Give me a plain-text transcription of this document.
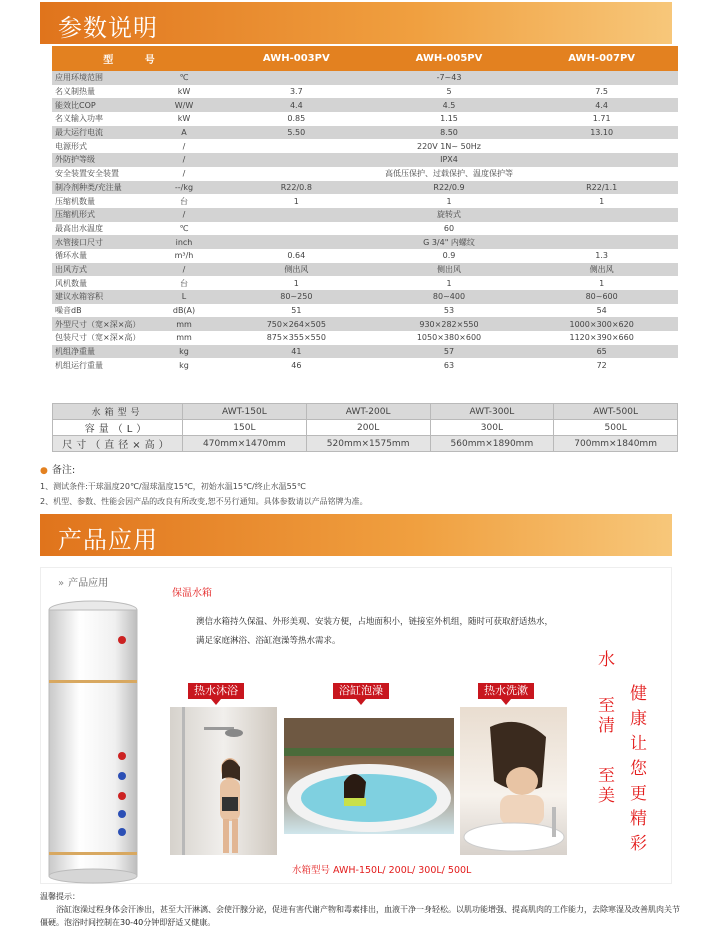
参数说明
型 号		AWH-003PV	AWH-005PV	AWH-007PV
应用环境范围	℃	-7~43		
名义制热量	kW	3.7	5	7.5
能效比COP	W/W	4.4	4.5	4.4
名义输入功率	kW	0.85	1.15	1.71
最大运行电流	A	5.50	8.50	13.10
电源形式	/	220V 1N~ 50Hz		
外防护等级	/	IPX4		
安全装置安全装置	/	高低压保护、过载保护、温度保护等		
制冷剂种类/充注量	--/kg	R22/0.8	R22/0.9	R22/1.1
压缩机数量	台	1	1	1
压缩机形式	/	旋转式		
最高出水温度	℃	60		
水管接口尺寸	inch	G 3/4" 内螺纹		
循环水量	m³/h	0.64	0.9	1.3
出风方式	/	侧出风	侧出风	侧出风
风机数量	台	1	1	1
建议水箱容积	L	80~250	80~400	80~600
噪音dB	dB(A)	51	53	54
外型尺寸（宽×深×高）	mm	750×264×505	930×282×550	1000×300×620
包装尺寸（宽×深×高）	mm	875×355×550	1050×380×600	1120×390×660
机组净重量	kg	41	57	65
机组运行重量	kg	46	63	72
水箱型号	AWT-150L	AWT-200L	AWT-300L	AWT-500L
容量（L）	150L	200L	300L	500L
尺寸（直径×高）	470mm×1470mm	520mm×1575mm	560mm×1890mm	700mm×1840mm
● 备注:
1、测试条件:干球温度20℃/湿球温度15℃，初始水温15℃/终止水温55℃
2、机型、参数、性能会因产品的改良有所改变,恕不另行通知。具体参数请以产品铭牌为准。
产品应用
» 产品应用
保温水箱
澳信水箱持久保温、外形美观、安装方便，占地面积小，链接室外机组，随时可获取舒适热水，
满足家庭淋浴、浴缸泡澡等热水需求。
热水沐浴	浴缸泡澡	热水洗漱
水箱型号 AWH-150L/ 200L/ 300L/ 500L
水
至清
至美
健
康
让
您
更
精
彩
温馨提示：
浴缸泡澡过程身体会汗渗出，甚至大汗淋漓、会使汗腺分泌，促进有害代谢产物和毒素排出，血液干净一身轻松。以肌功能增强、提高肌肉的工作能力，去除寒湿及改善肌肉关节僵硬。泡浴时间控制在30-40分钟即舒适又健康。
